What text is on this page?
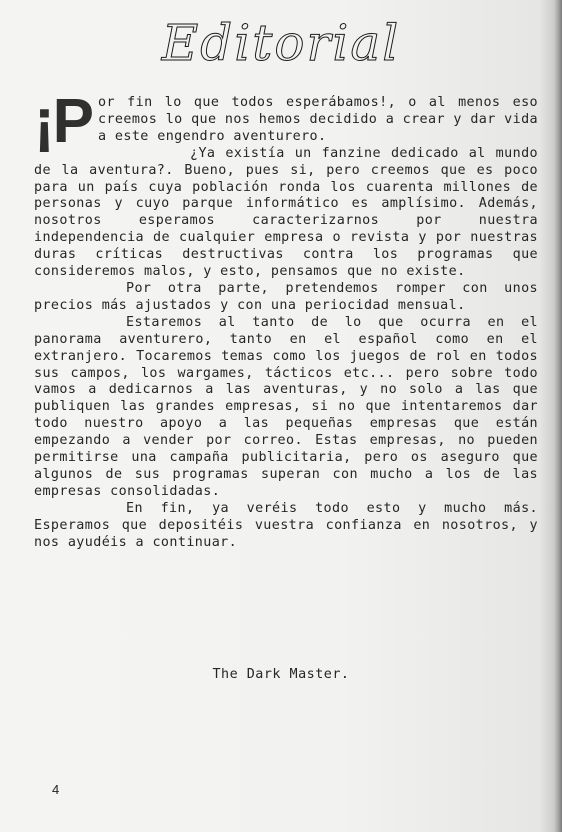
Editorial

¡P or fin lo que todos esperábamos!, o al menos eso creemos lo que nos hemos decidido a crear y dar vida a este engendro aventurero.

¿Ya existía un fanzine dedicado al mundo de la aventura?. Bueno, pues si, pero creemos que es poco para un país cuya población ronda los cuarenta millones de personas y cuyo parque informático es amplísimo. Además, nosotros esperamos caracterizarnos por nuestra independencia de cualquier empresa o revista y por nuestras duras críticas destructivas contra los programas que consideremos malos, y esto, pensamos que no existe.

Por otra parte, pretendemos romper con unos precios más ajustados y con una periocidad mensual.

Estaremos al tanto de lo que ocurra en el panorama aventurero, tanto en el español como en el extranjero. Tocaremos temas como los juegos de rol en todos sus campos, los wargames, tácticos etc... pero sobre todo vamos a dedicarnos a las aventuras, y no solo a las que publiquen las grandes empresas, si no que intentaremos dar todo nuestro apoyo a las pequeñas empresas que están empezando a vender por correo. Estas empresas, no pueden permitirse una campaña publicitaria, pero os aseguro que algunos de sus programas superan con mucho a los de las empresas consolidadas.

En fin, ya veréis todo esto y mucho más. Esperamos que depositéis vuestra confianza en nosotros, y nos ayudéis a continuar.

The Dark Master.
4
